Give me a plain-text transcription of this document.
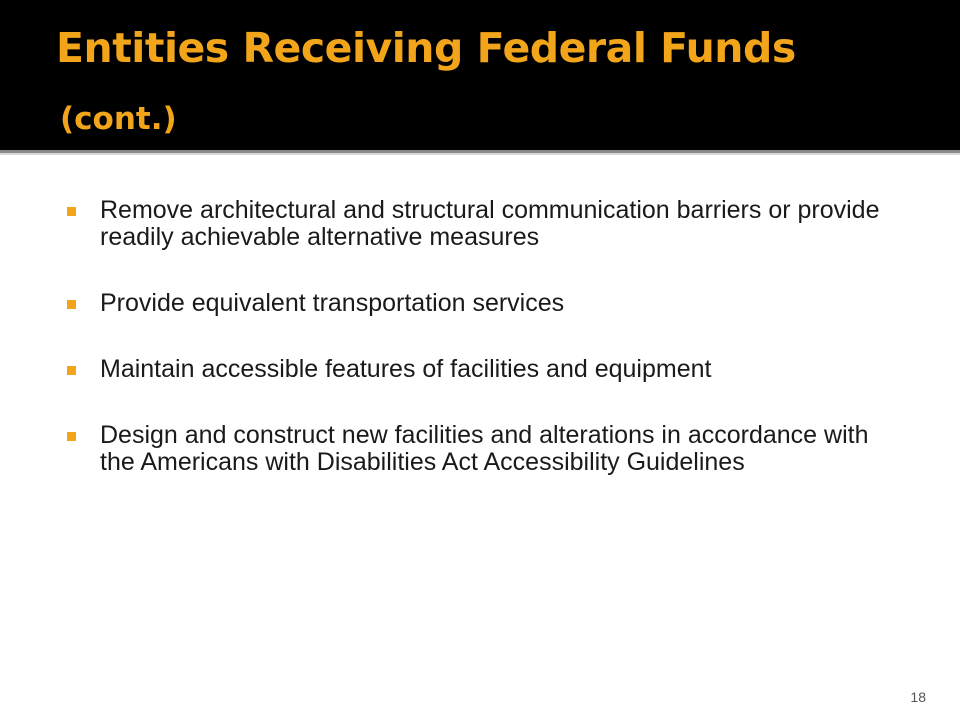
Entities Receiving Federal Funds
(cont.)
Remove architectural and structural communication barriers or provide readily achievable alternative measures
Provide equivalent transportation services
Maintain accessible features of facilities and equipment
Design and construct new facilities and alterations in accordance with the Americans with Disabilities Act Accessibility Guidelines
18
